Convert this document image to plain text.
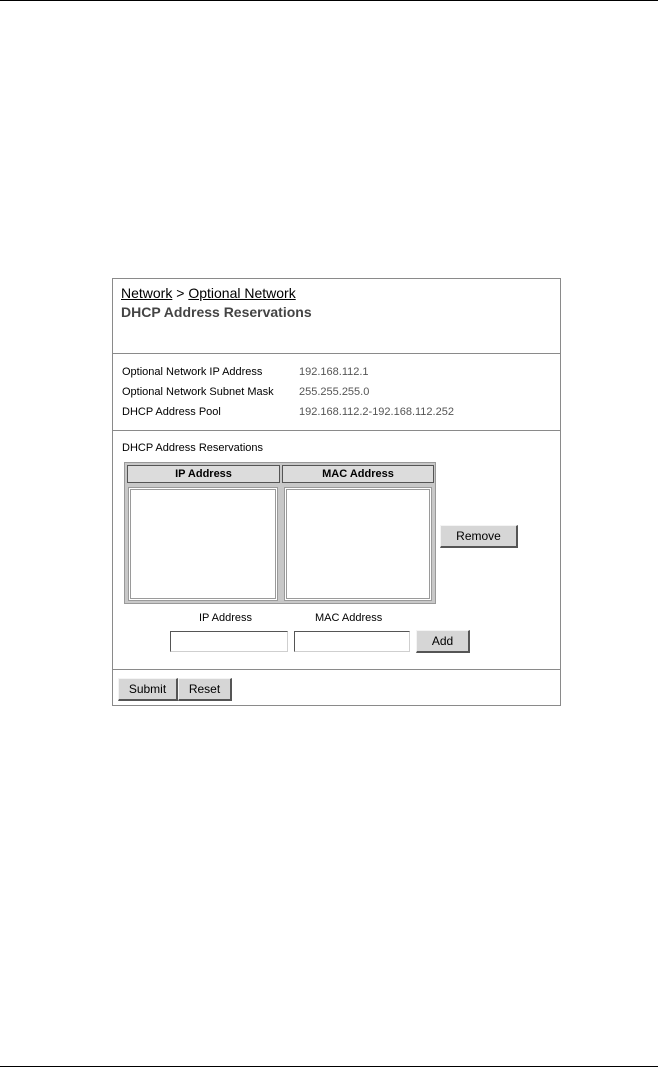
Network > Optional Network
DHCP Address Reservations
Optional Network IP Address	192.168.112.1
Optional Network Subnet Mask 255.255.255.0
DHCP Address Pool	192.168.112.2-192.168.112.252
DHCP Address Reservations
IP Address	MAC Address
Remove
IP Address	MAC Address
Add
Submit	Reset
